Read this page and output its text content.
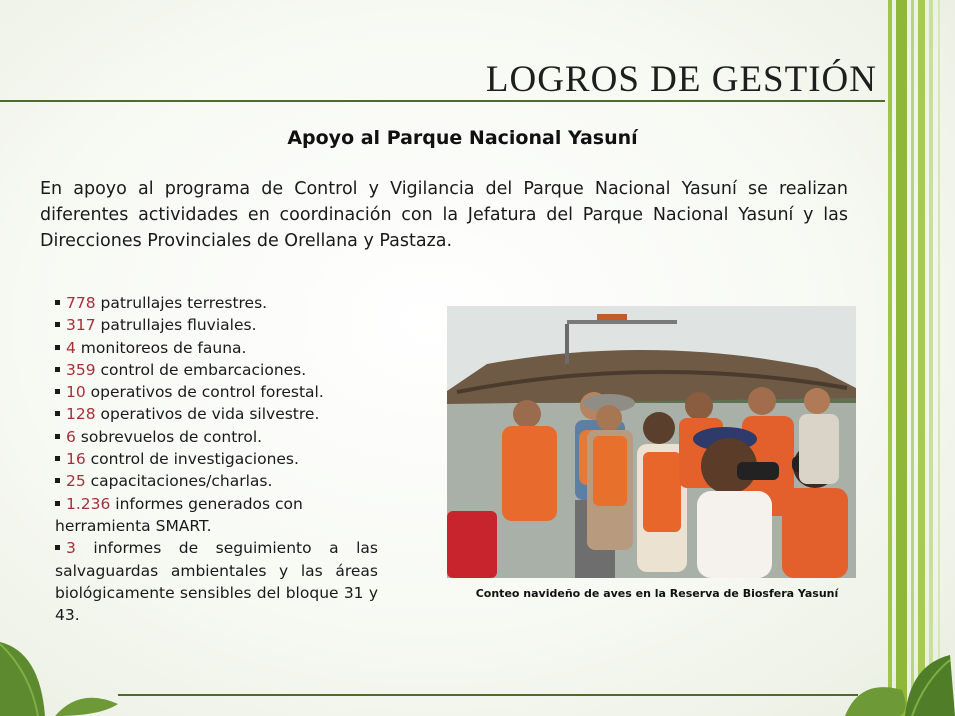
LOGROS DE GESTIÓN
Apoyo al Parque Nacional Yasuní

En apoyo al programa de Control y Vigilancia del Parque Nacional Yasuní se realizan diferentes actividades en coordinación con la Jefatura del Parque Nacional Yasuní y las Direcciones Provinciales de Orellana y Pastaza.

778 patrullajes terrestres.
317 patrullajes fluviales.
4 monitoreos de fauna.
359 control de embarcaciones.
10 operativos de control forestal.
128 operativos de vida silvestre.
6 sobrevuelos de control.
16 control de investigaciones.
25 capacitaciones/charlas.
1.236 informes generados con herramienta SMART.
3 informes de seguimiento a las salvaguardas ambientales y las áreas biológicamente sensibles del bloque 31 y 43.

Conteo navideño de aves en la Reserva de Biosfera Yasuní
